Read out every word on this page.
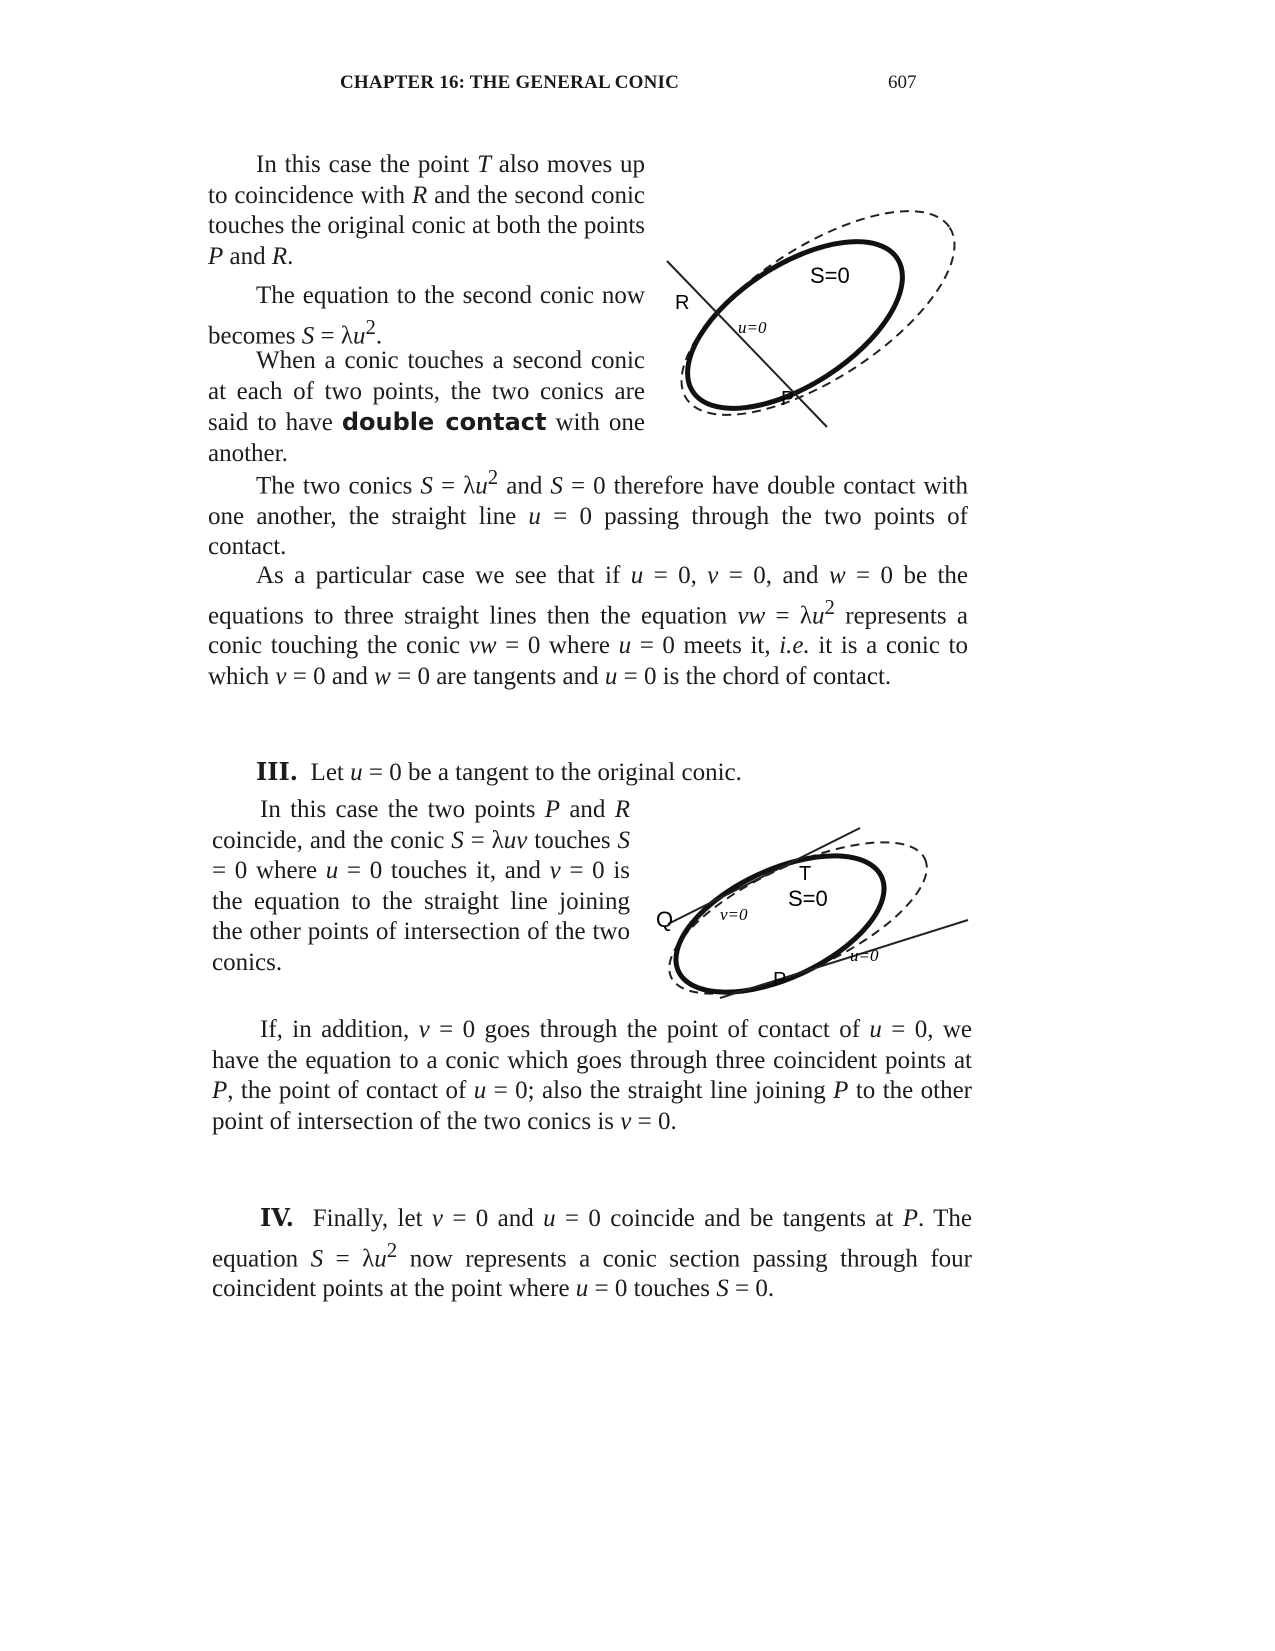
CHAPTER 16: THE GENERAL CONIC	607
In this case the point T also moves up to coincidence with R and the second conic touches the original conic at both the points P and R.
The equation to the second conic now becomes $S = \lambda u^2$.
When a conic touches a second conic at each of two points, the two conics are said to have double contact with one another.
S=0
u=0
R
P
The two conics $S = \lambda u^2$ and S = 0 therefore have double contact with one another, the straight line u = 0 passing through the two points of contact.
As a particular case we see that if u = 0, v = 0, and w = 0 be the equations to three straight lines then the equation vw = $\lambda u^2$ represents a conic touching the conic vw = 0 where u = 0 meets it, i.e. it is a conic to which v = 0 and w = 0 are tangents and u = 0 is the chord of contact.
III.  Let u = 0 be a tangent to the original conic.
In this case the two points P and R coincide, and the conic S = λuv touches S = 0 where u = 0 touches it, and v = 0 is the equation to the straight line joining the other points of intersection of the two conics.
If, in addition, v = 0 goes through the point of contact of u = 0, we have the equation to a conic which goes through three coincident points at P, the point of contact of u = 0; also the straight line joining P to the other point of intersection of the two conics is v = 0.
T
S=0
v=0
Q
u=0
P
IV.  Finally, let v = 0 and u = 0 coincide and be tangents at P. The equation $S = \lambda u^2$ now represents a conic section passing through four coincident points at the point where u = 0 touches S = 0.
